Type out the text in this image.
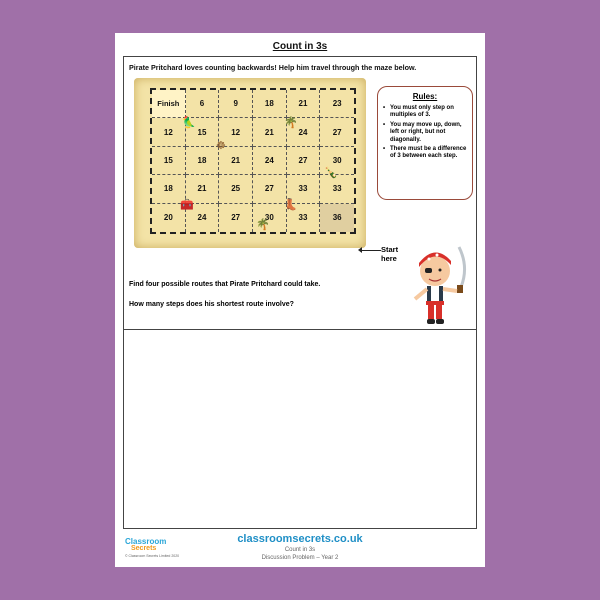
Count in 3s
Pirate Pritchard loves counting backwards! Help him travel through the maze below.
Finish	6	9	18	21	23
12	15	12	21	24	27
15	18	21	24	27	30
18	21	25	27	33	33
20	24	27	30	33	36
🦜	🌴
☸
🍾
🧰	👢
🌴
Rules:
• You must only step on multiples of 3.
• You may move up, down, left or right, but not diagonally.
• There must be a difference of 3 between each step.
Start
here
Find four possible routes that Pirate Pritchard could take.
How many steps does his shortest route involve?
Classroom
Secrets
© Classroom Secrets Limited 2020
classroomsecrets.co.uk
Count in 3s
Discussion Problem – Year 2
